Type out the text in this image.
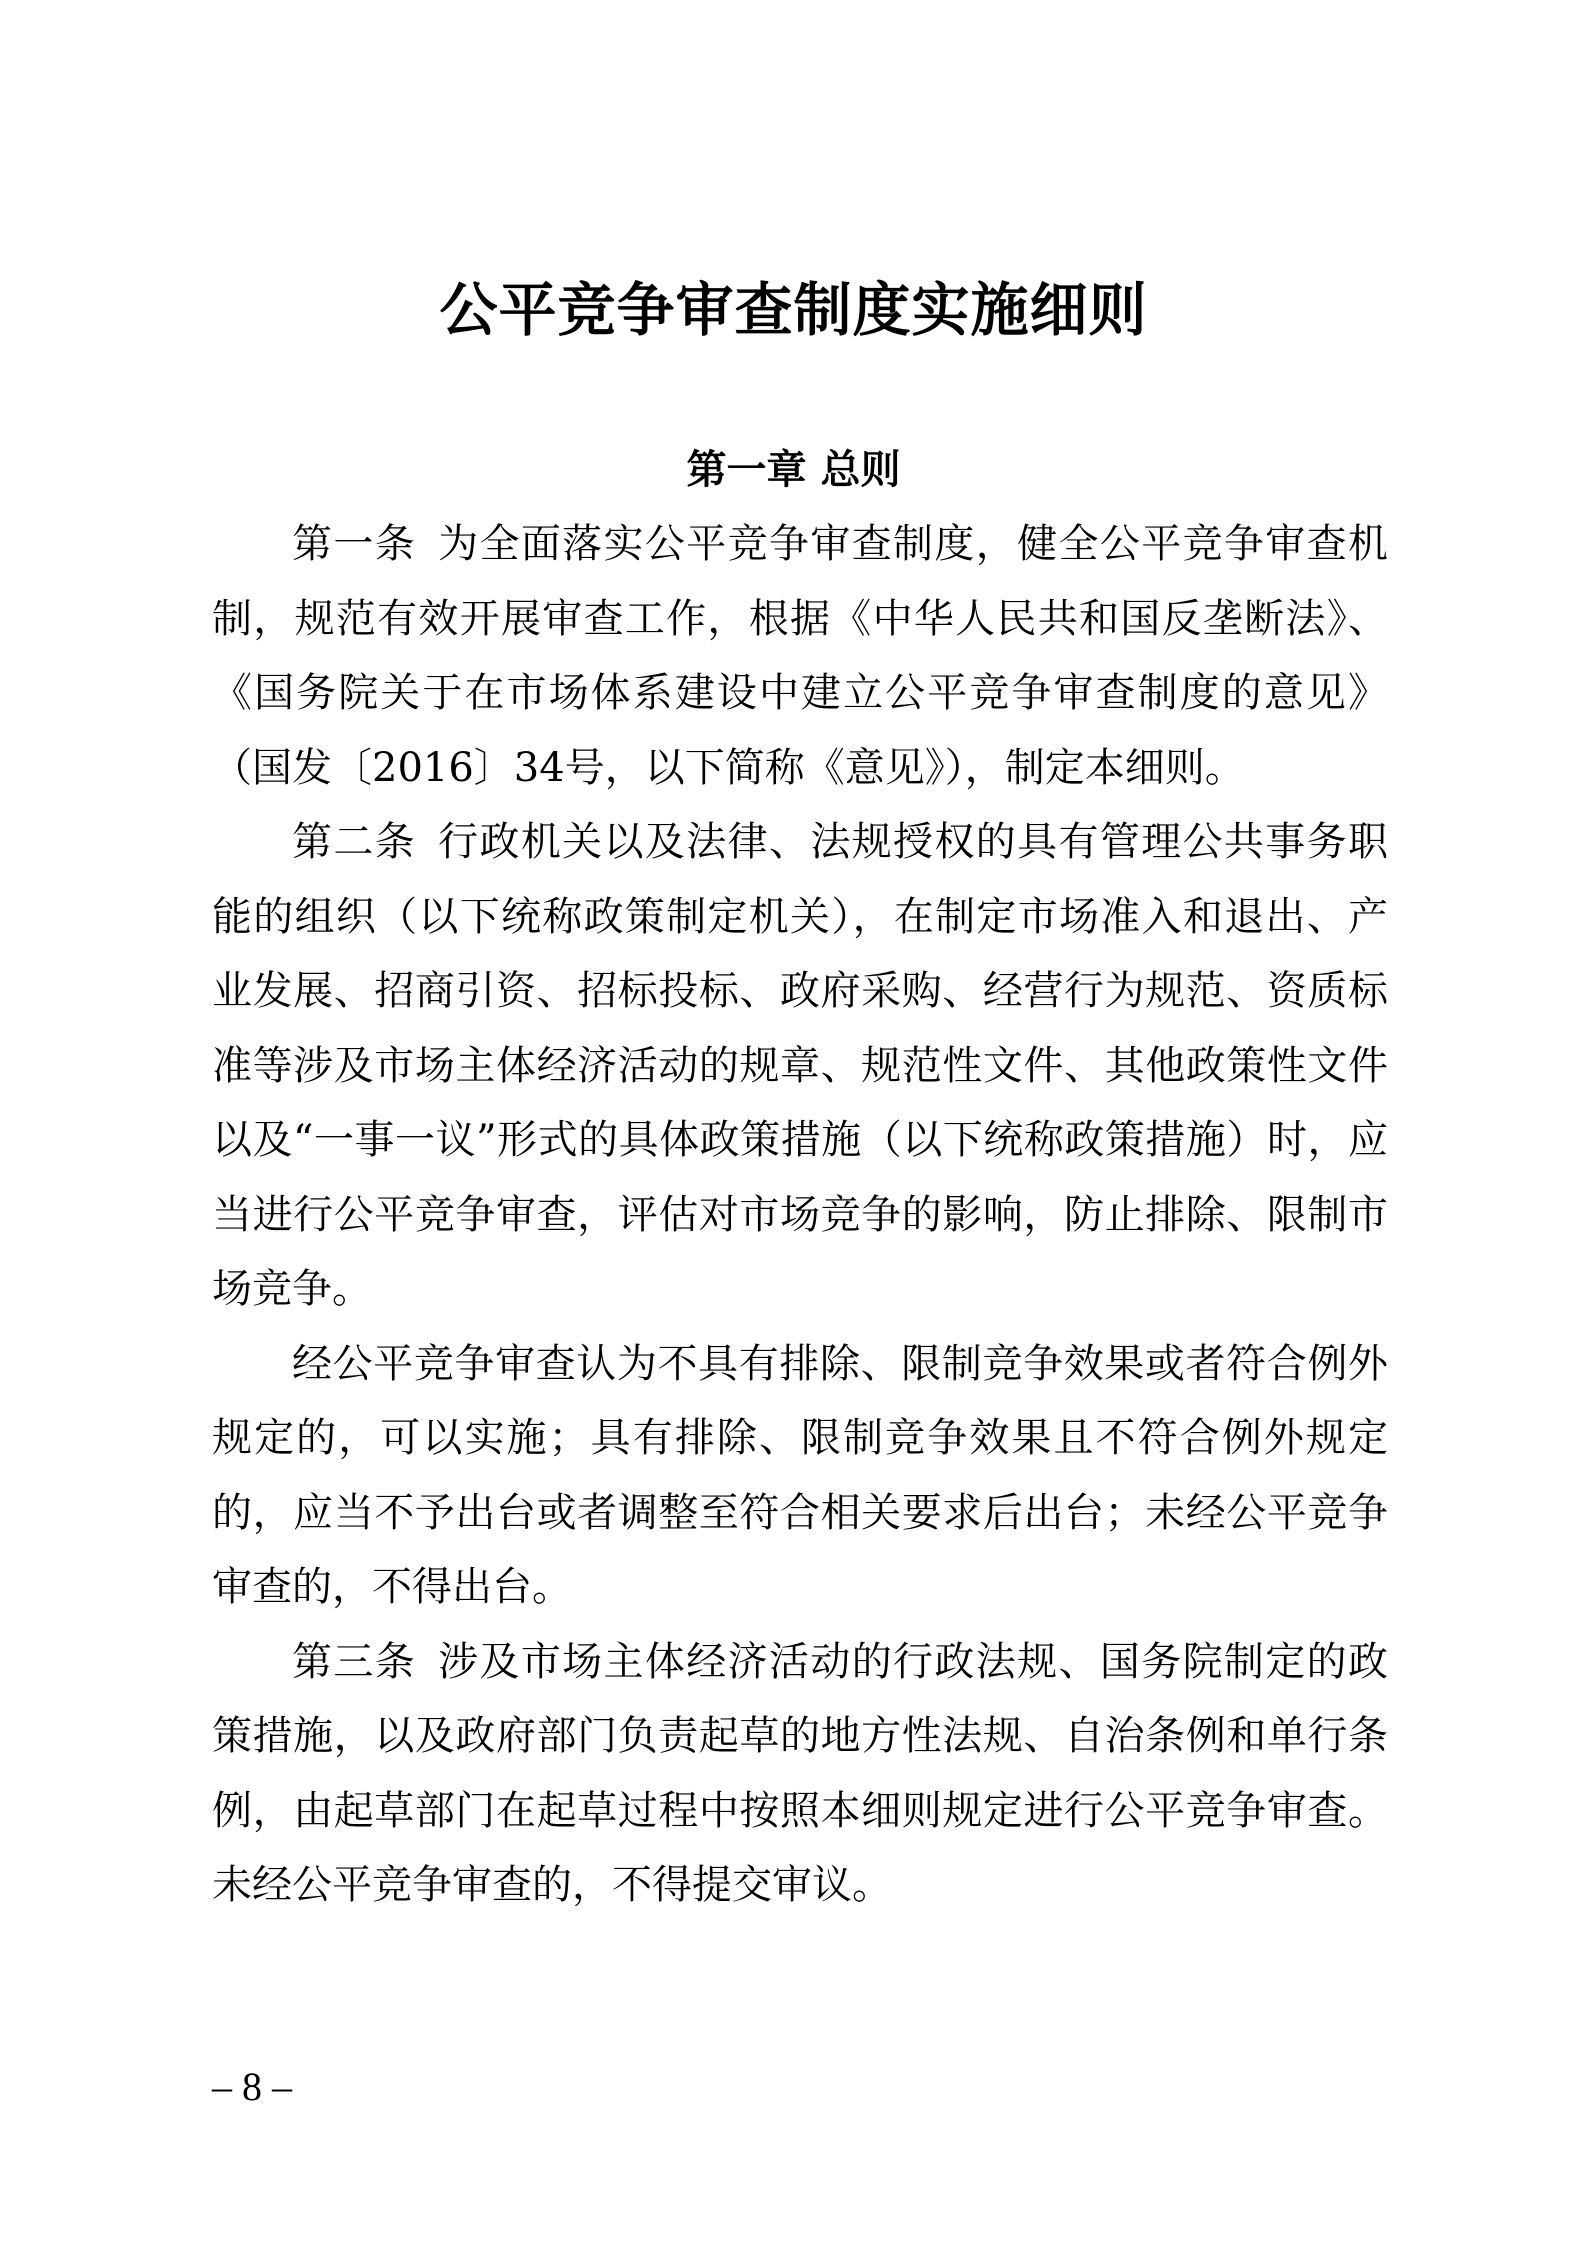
公平竞争审查制度实施细则
第一章 总则

第一条 为全面落实公平竞争审查制度，健全公平竞争审查机制，规范有效开展审查工作，根据《中华人民共和国反垄断法》、《国务院关于在市场体系建设中建立公平竞争审查制度的意见》（国发〔2016〕34号，以下简称《意见》），制定本细则。

第二条 行政机关以及法律、法规授权的具有管理公共事务职能的组织（以下统称政策制定机关），在制定市场准入和退出、产业发展、招商引资、招标投标、政府采购、经营行为规范、资质标准等涉及市场主体经济活动的规章、规范性文件、其他政策性文件以及“一事一议”形式的具体政策措施（以下统称政策措施）时，应当进行公平竞争审查，评估对市场竞争的影响，防止排除、限制市场竞争。

经公平竞争审查认为不具有排除、限制竞争效果或者符合例外规定的，可以实施；具有排除、限制竞争效果且不符合例外规定的，应当不予出台或者调整至符合相关要求后出台；未经公平竞争审查的，不得出台。

第三条 涉及市场主体经济活动的行政法规、国务院制定的政策措施，以及政府部门负责起草的地方性法规、自治条例和单行条例，由起草部门在起草过程中按照本细则规定进行公平竞争审查。未经公平竞争审查的，不得提交审议。

– 8 –
